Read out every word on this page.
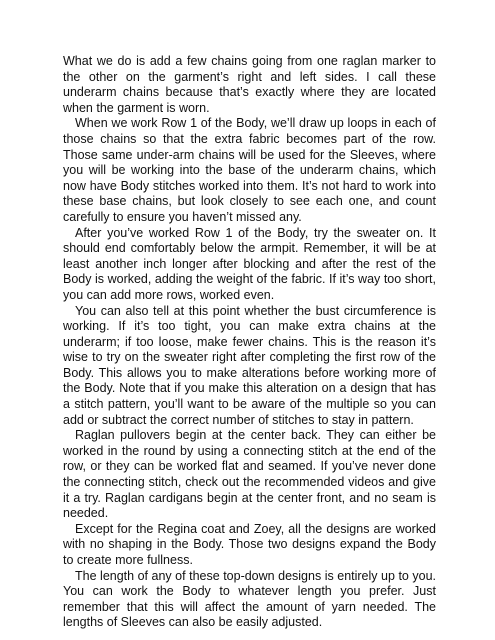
What we do is add a few chains going from one raglan marker to the other on the garment’s right and left sides. I call these underarm chains because that’s exactly where they are located when the garment is worn.

When we work Row 1 of the Body, we’ll draw up loops in each of those chains so that the extra fabric becomes part of the row. Those same under-arm chains will be used for the Sleeves, where you will be working into the base of the underarm chains, which now have Body stitches worked into them. It’s not hard to work into these base chains, but look closely to see each one, and count carefully to ensure you haven’t missed any.

After you’ve worked Row 1 of the Body, try the sweater on. It should end comfortably below the armpit. Remember, it will be at least another inch longer after blocking and after the rest of the Body is worked, adding the weight of the fabric. If it’s way too short, you can add more rows, worked even.

You can also tell at this point whether the bust circumference is working. If it’s too tight, you can make extra chains at the underarm; if too loose, make fewer chains. This is the reason it’s wise to try on the sweater right after completing the first row of the Body. This allows you to make alterations before working more of the Body. Note that if you make this alteration on a design that has a stitch pattern, you’ll want to be aware of the multiple so you can add or subtract the correct number of stitches to stay in pattern.

Raglan pullovers begin at the center back. They can either be worked in the round by using a connecting stitch at the end of the row, or they can be worked flat and seamed. If you’ve never done the connecting stitch, check out the recommended videos and give it a try. Raglan cardigans begin at the center front, and no seam is needed.

Except for the Regina coat and Zoey, all the designs are worked with no shaping in the Body. Those two designs expand the Body to create more fullness.

The length of any of these top-down designs is entirely up to you. You can work the Body to whatever length you prefer. Just remember that this will affect the amount of yarn needed. The lengths of Sleeves can also be easily adjusted.
